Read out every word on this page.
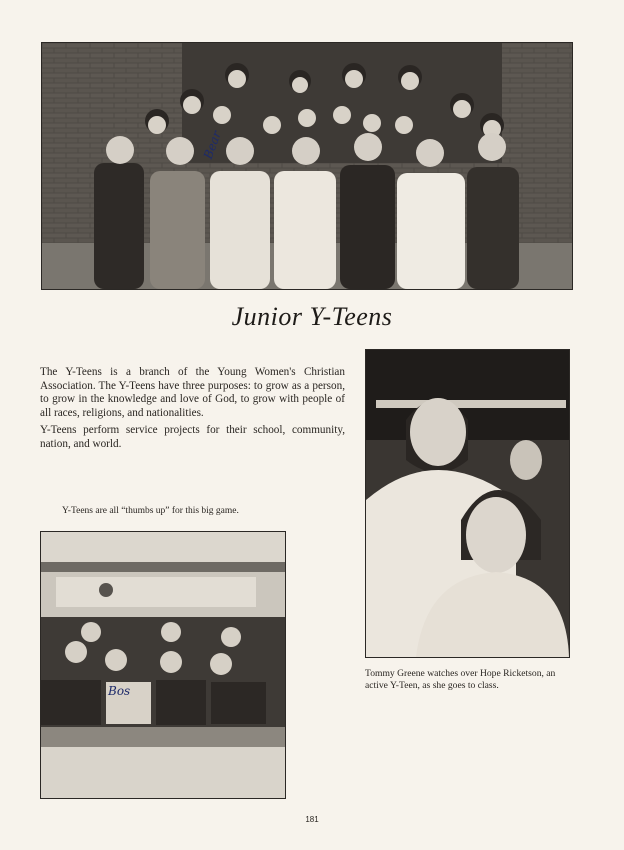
Bear
Junior Y-Teens

The Y-Teens is a branch of the Young Women's Christian Association. The Y-Teens have three purposes: to grow as a person, to grow in the knowledge and love of God, to grow with people of all races, religions, and nationalities.

Y-Teens perform service projects for their school, community, nation, and world.

Y-Teens are all “thumbs up” for this big game.
Bos
Tommy Greene watches over Hope Ricketson, an active Y-Teen, as she goes to class.
181
